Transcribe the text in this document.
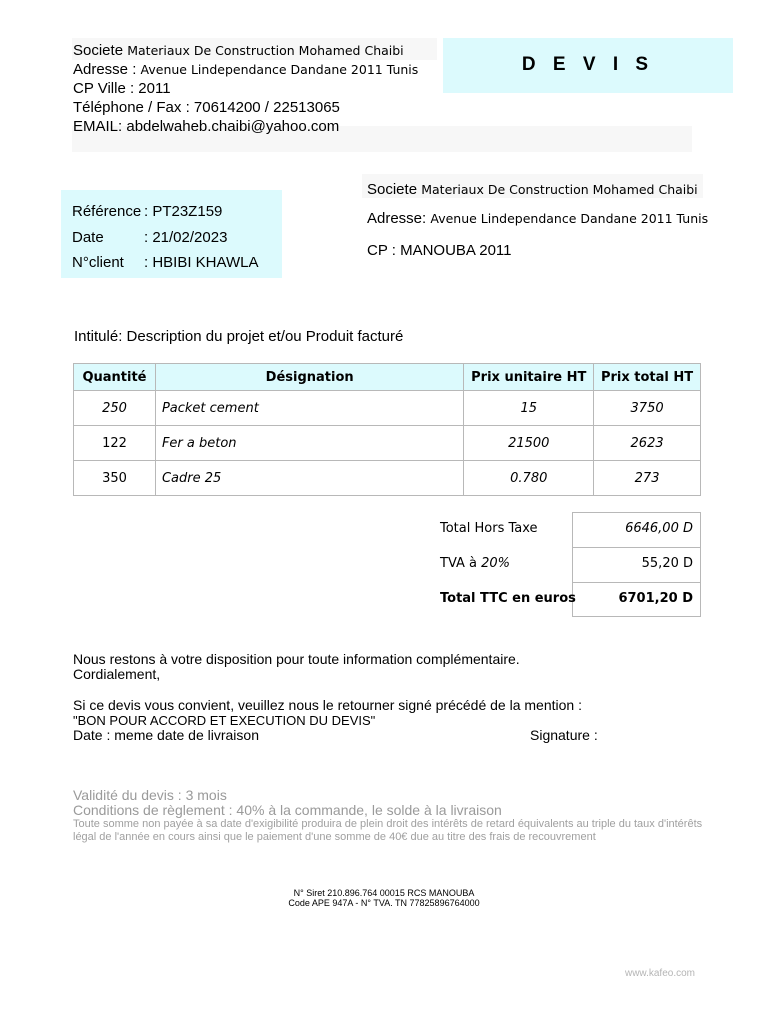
Societe Materiaux De Construction Mohamed Chaibi
Adresse : Avenue Lindependance Dandane 2011 Tunis
CP Ville : 2011
Téléphone / Fax : 70614200 / 22513065
EMAIL: abdelwaheb.chaibi@yahoo.com
D E V I S
Référence : PT23Z159
Date	: 21/02/2023
N°client : HBIBI KHAWLA
Societe Materiaux De Construction Mohamed Chaibi
Adresse: Avenue Lindependance Dandane 2011 Tunis
CP : MANOUBA 2011
Intitulé: Description du projet et/ou Produit facturé
Quantité	Désignation	Prix unitaire HT	Prix total HT
250	Packet cement	15	3750
122	Fer a beton	21500	2623
350	Cadre 25	0.780	273
Total Hors Taxe	6646,00 D
TVA à 20%	55,20 D
Total TTC en euros	6701,20 D
Nous restons à votre disposition pour toute information complémentaire.
Cordialement,
Si ce devis vous convient, veuillez nous le retourner signé précédé de la mention :
"BON POUR ACCORD ET EXECUTION DU DEVIS"
Date : meme date de livraison	Signature :
Validité du devis : 3 mois
Conditions de règlement : 40% à la commande, le solde à la livraison
Toute somme non payée à sa date d'exigibilité produira de plein droit des intérêts de retard équivalents au triple du taux d'intérêts légal de l'année en cours ainsi que le paiement d'une somme de 40€ due au titre des frais de recouvrement
N° Siret 210.896.764 00015 RCS MANOUBA
Code APE 947A - N° TVA. TN 77825896764000
www.kafeo.com
